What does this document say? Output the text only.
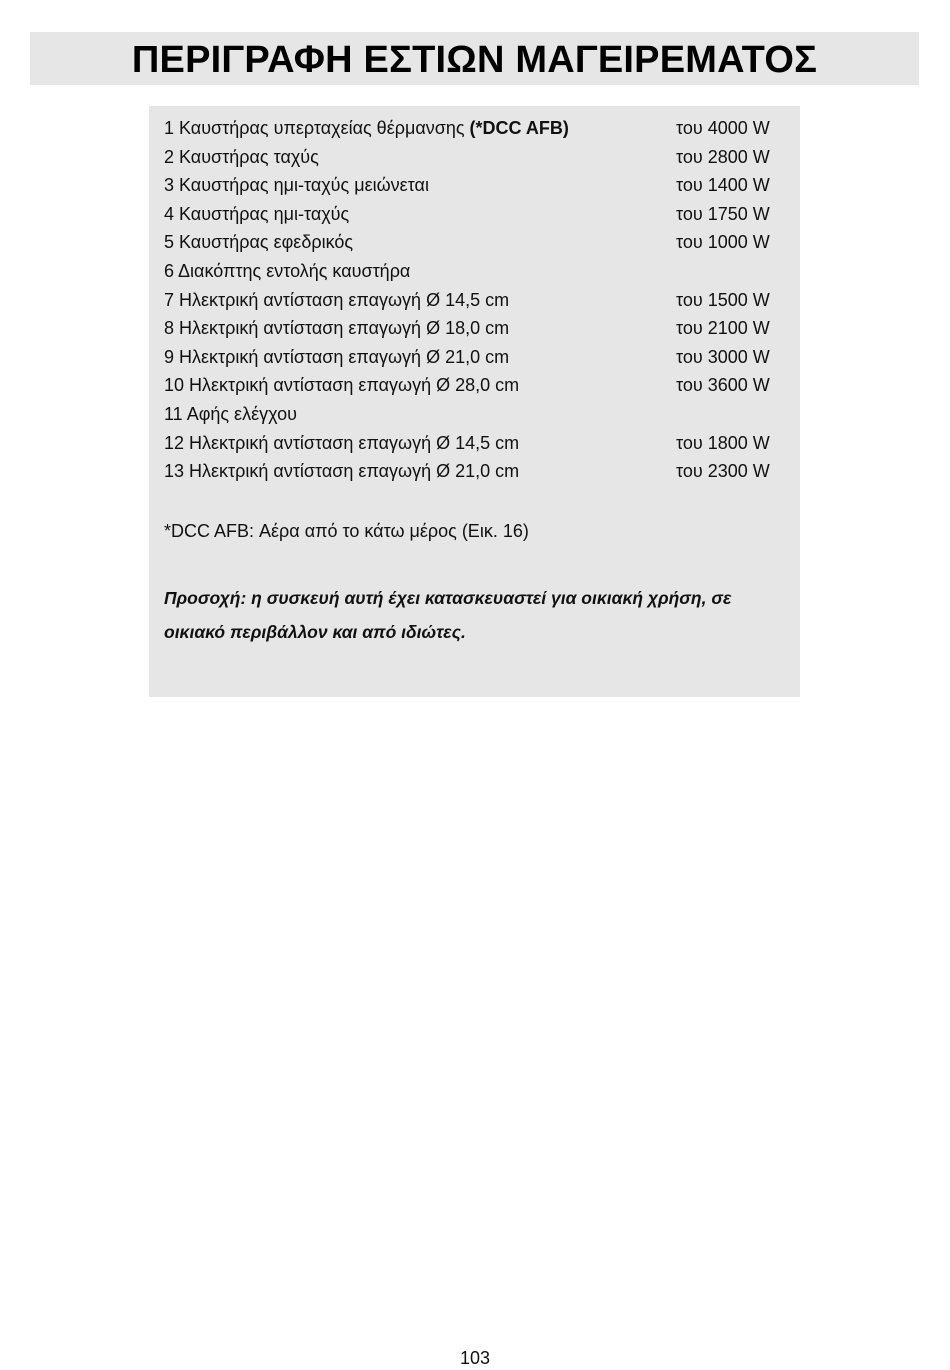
ΠΕΡΙΓΡΑΦΗ ΕΣΤΙΩΝ ΜΑΓΕΙΡΕΜΑΤΟΣ
1 Καυστήρας υπερταχείας θέρμανσης (*DCC AFB)	του 4000 W
2 Καυστήρας ταχύς	του 2800 W
3 Καυστήρας ημι-ταχύς μειώνεται	του 1400 W
4 Καυστήρας ημι-ταχύς	του 1750 W
5 Καυστήρας εφεδρικός	του 1000 W
6 Διακόπτης εντολής καυστήρα
7 Ηλεκτρική αντίσταση επαγωγή Ø 14,5 cm	του 1500 W
8 Ηλεκτρική αντίσταση επαγωγή Ø 18,0 cm	του 2100 W
9 Ηλεκτρική αντίσταση επαγωγή Ø 21,0 cm	του 3000 W
10 Ηλεκτρική αντίσταση επαγωγή Ø 28,0 cm	του 3600 W
11 Αφής ελέγχου
12 Ηλεκτρική αντίσταση επαγωγή Ø 14,5 cm	του 1800 W
13 Ηλεκτρική αντίσταση επαγωγή Ø 21,0 cm	του 2300 W
*DCC AFB: Αέρα από το κάτω μέρος (Εικ. 16)
Προσοχή: η συσκευή αυτή έχει κατασκευαστεί για οικιακή χρήση, σε οικιακό περιβάλλον και από ιδιώτες.
103
